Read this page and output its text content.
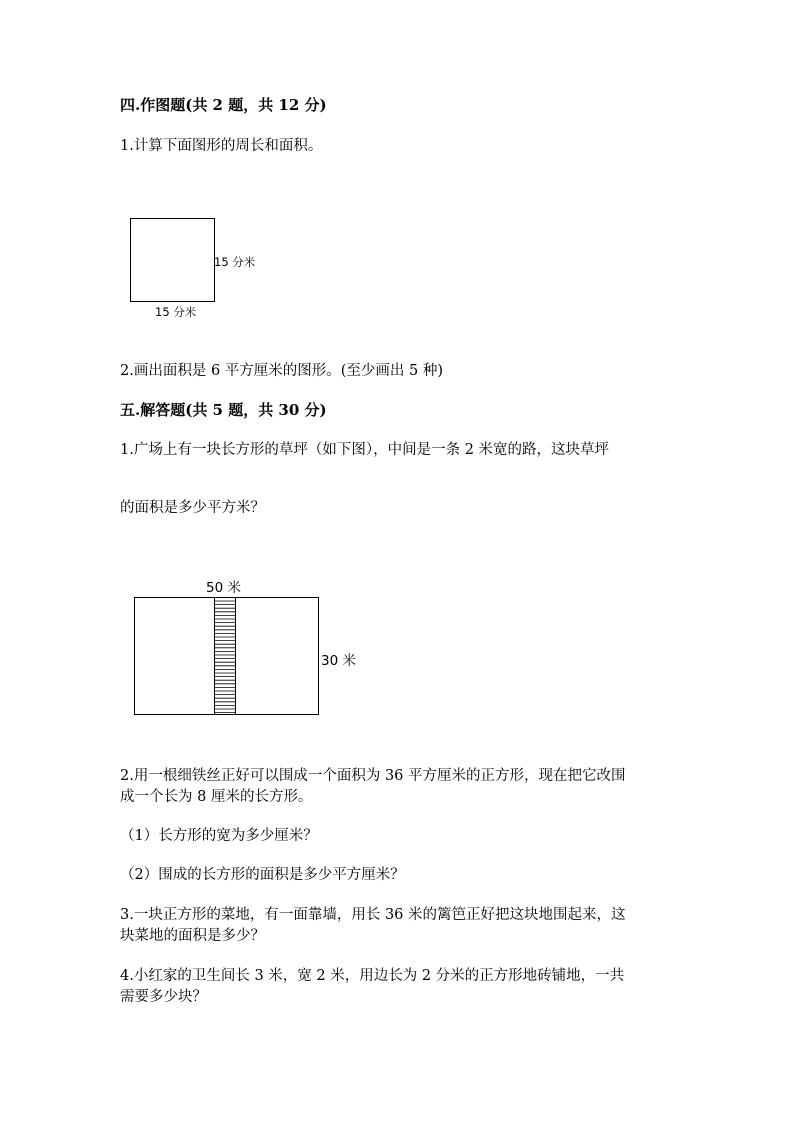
四.作图题(共 2 题，共 12 分)
1.计算下面图形的周长和面积。
15 分米
15 分米
2.画出面积是 6 平方厘米的图形。(至少画出 5 种)
五.解答题(共 5 题，共 30 分)
1.广场上有一块长方形的草坪（如下图），中间是一条 2 米宽的路，这块草坪
的面积是多少平方米？
50 米
30 米
2.用一根细铁丝正好可以围成一个面积为 36 平方厘米的正方形，现在把它改围
成一个长为 8 厘米的长方形。
（1）长方形的宽为多少厘米？
（2）围成的长方形的面积是多少平方厘米？
3.一块正方形的菜地，有一面靠墙，用长 36 米的篱笆正好把这块地围起来，这
块菜地的面积是多少？
4.小红家的卫生间长 3 米，宽 2 米，用边长为 2 分米的正方形地砖铺地，一共
需要多少块？
